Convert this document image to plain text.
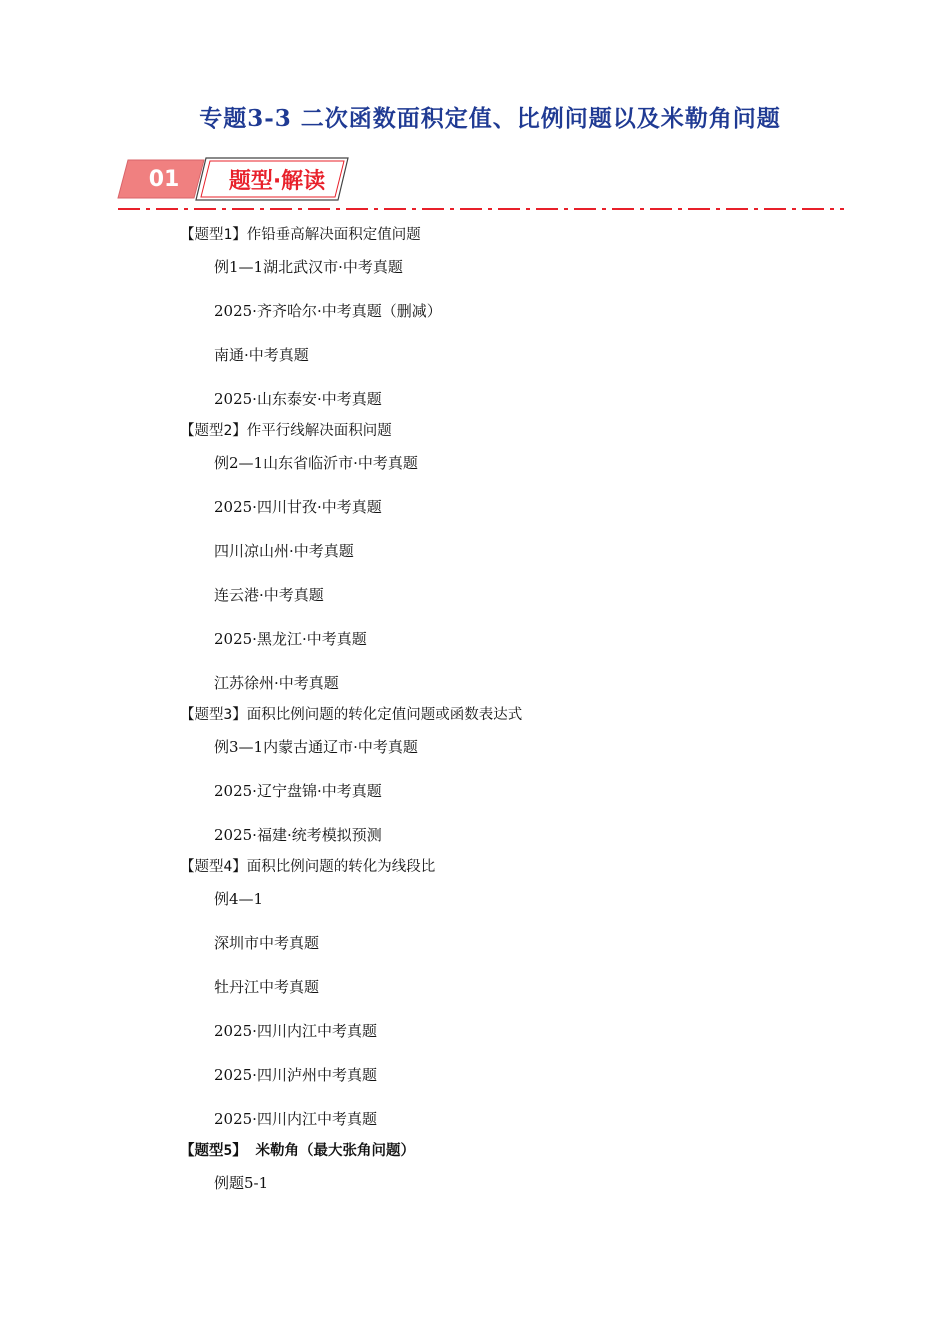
专题3-3 二次函数面积定值、比例问题以及米勒角问题
01	题型·解读
【题型1】作铅垂高解决面积定值问题
例1—1湖北武汉市·中考真题
2025·齐齐哈尔·中考真题（删减）
南通·中考真题
2025·山东泰安·中考真题
【题型2】作平行线解决面积问题
例2—1山东省临沂市·中考真题
2025·四川甘孜·中考真题
四川凉山州·中考真题
连云港·中考真题
2025·黑龙江·中考真题
江苏徐州·中考真题
【题型3】面积比例问题的转化定值问题或函数表达式
例3—1内蒙古通辽市·中考真题
2025·辽宁盘锦·中考真题
2025·福建·统考模拟预测
【题型4】面积比例问题的转化为线段比
例4—1
深圳市中考真题
牡丹江中考真题
2025·四川内江中考真题
2025·四川泸州中考真题
2025·四川内江中考真题
【题型5】 米勒角（最大张角问题）
例题5-1
